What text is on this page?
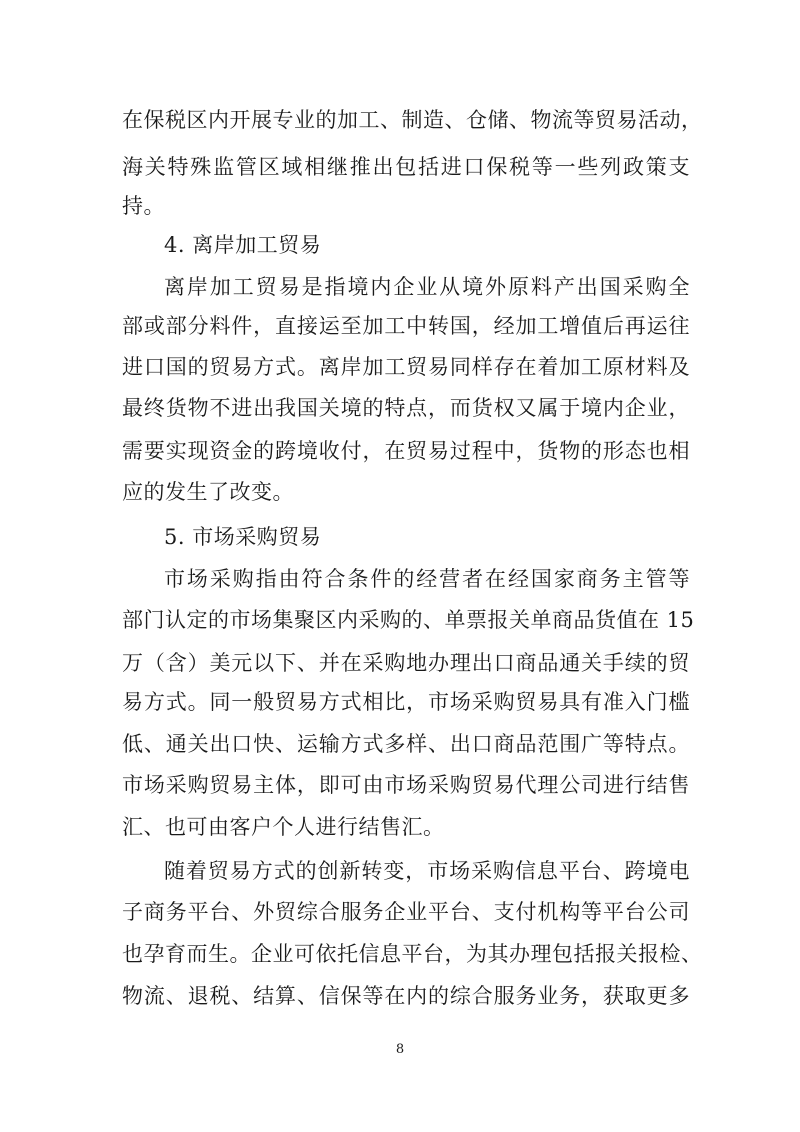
在保税区内开展专业的加工、制造、仓储、物流等贸易活动，
海关特殊监管区域相继推出包括进口保税等一些列政策支
持。
4. 离岸加工贸易
离岸加工贸易是指境内企业从境外原料产出国采购全
部或部分料件，直接运至加工中转国，经加工增值后再运往
进口国的贸易方式。离岸加工贸易同样存在着加工原材料及
最终货物不进出我国关境的特点，而货权又属于境内企业，
需要实现资金的跨境收付，在贸易过程中，货物的形态也相
应的发生了改变。
5. 市场采购贸易
市场采购指由符合条件的经营者在经国家商务主管等
部门认定的市场集聚区内采购的、单票报关单商品货值在 15
万（含）美元以下、并在采购地办理出口商品通关手续的贸
易方式。同一般贸易方式相比，市场采购贸易具有准入门槛
低、通关出口快、运输方式多样、出口商品范围广等特点。
市场采购贸易主体，即可由市场采购贸易代理公司进行结售
汇、也可由客户个人进行结售汇。
随着贸易方式的创新转变，市场采购信息平台、跨境电
子商务平台、外贸综合服务企业平台、支付机构等平台公司
也孕育而生。企业可依托信息平台，为其办理包括报关报检、
物流、退税、结算、信保等在内的综合服务业务，获取更多
8
